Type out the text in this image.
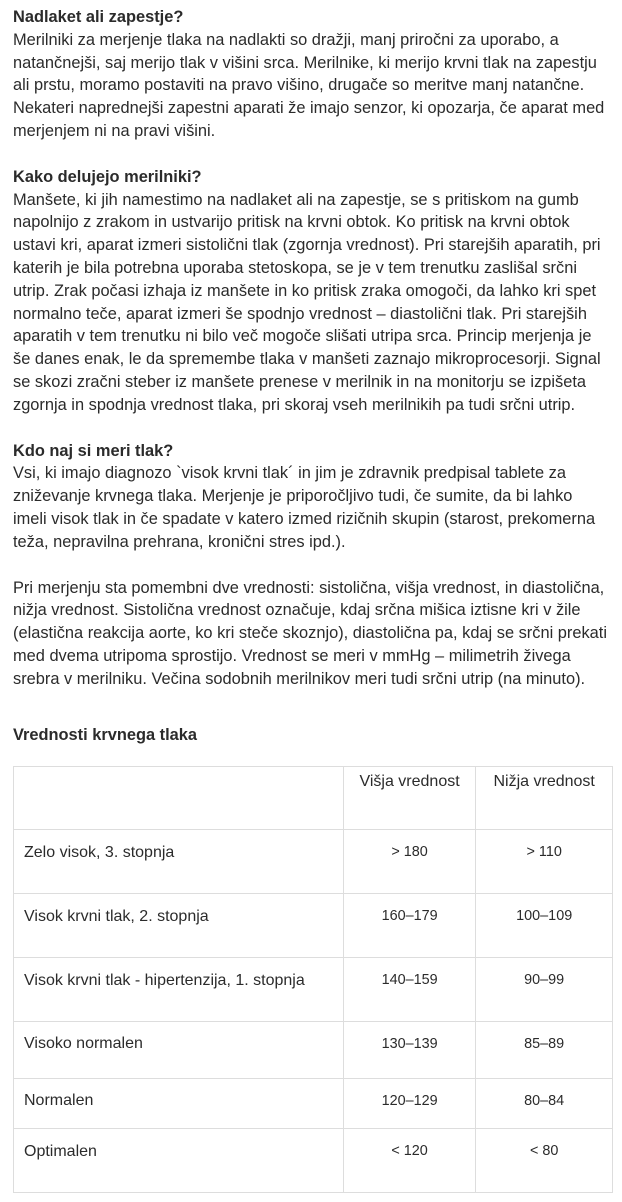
Nadlaket ali zapestje?
Merilniki za merjenje tlaka na nadlakti so dražji, manj priročni za uporabo, a natančnejši, saj merijo tlak v višini srca. Merilnike, ki merijo krvni tlak na zapestju ali prstu, moramo postaviti na pravo višino, drugače so meritve manj natančne. Nekateri naprednejši zapestni aparati že imajo senzor, ki opozarja, če aparat med merjenjem ni na pravi višini.

Kako delujejo merilniki?
Manšete, ki jih namestimo na nadlaket ali na zapestje, se s pritiskom na gumb napolnijo z zrakom in ustvarijo pritisk na krvni obtok. Ko pritisk na krvni obtok ustavi kri, aparat izmeri sistolični tlak (zgornja vrednost). Pri starejših aparatih, pri katerih je bila potrebna uporaba stetoskopa, se je v tem trenutku zaslišal srčni utrip. Zrak počasi izhaja iz manšete in ko pritisk zraka omogoči, da lahko kri spet normalno teče, aparat izmeri še spodnjo vrednost – diastolični tlak. Pri starejših aparatih v tem trenutku ni bilo več mogoče slišati utripa srca. Princip merjenja je še danes enak, le da spremembe tlaka v manšeti zaznajo mikroprocesorji. Signal se skozi zračni steber iz manšete prenese v merilnik in na monitorju se izpišeta zgornja in spodnja vrednost tlaka, pri skoraj vseh merilnikih pa tudi srčni utrip.

Kdo naj si meri tlak?
Vsi, ki imajo diagnozo `visok krvni tlak´ in jim je zdravnik predpisal tablete za zniževanje krvnega tlaka. Merjenje je priporočljivo tudi, če sumite, da bi lahko imeli visok tlak in če spadate v katero izmed rizičnih skupin (starost, prekomerna teža, nepravilna prehrana, kronični stres ipd.).

Pri merjenju sta pomembni dve vrednosti: sistolična, višja vrednost, in diastolična, nižja vrednost. Sistolična vrednost označuje, kdaj srčna mišica iztisne kri v žile (elastična reakcija aorte, ko kri steče skoznjo), diastolična pa, kdaj se srčni prekati med dvema utripoma sprostijo. Vrednost se meri v mmHg – milimetrih živega srebra v merilniku. Večina sodobnih merilnikov meri tudi srčni utrip (na minuto).

Vrednosti krvnega tlaka

	Višja vrednost	Nižja vrednost

Zelo visok, 3. stopnja	> 180	> 110
Visok krvni tlak, 2. stopnja	160–179	100–109
Visok krvni tlak - hipertenzija, 1. stopnja	140–159	90–99
Visoko normalen	130–139	85–89
Normalen	120–129	80–84
Optimalen	< 120	< 80
